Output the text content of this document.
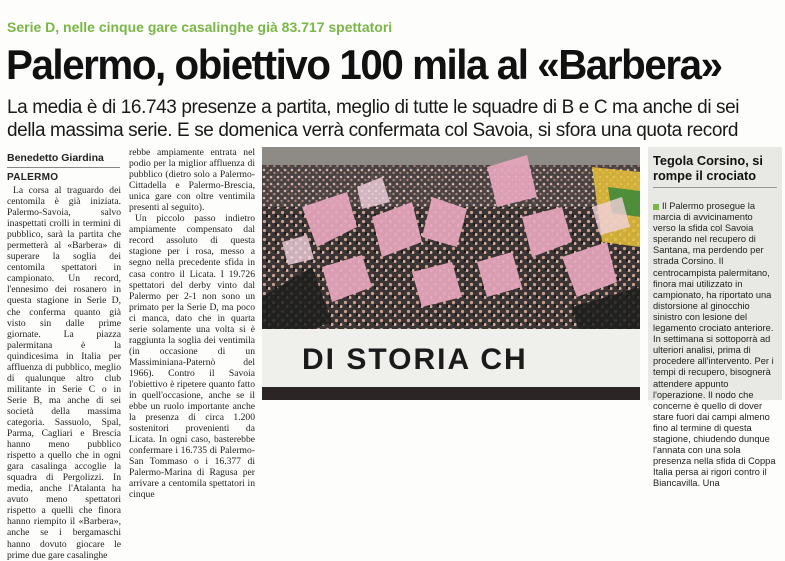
Serie D, nelle cinque gare casalinghe già 83.717 spettatori
Palermo, obiettivo 100 mila al «Barbera»
La media è di 16.743 presenze a partita, meglio di tutte le squadre di B e C ma anche di sei
della massima serie. E se domenica verrà confermata col Savoia, si sfora una quota record
Benedetto Giardina
PALERMO

La corsa al traguardo dei centomila è già iniziata. Palermo-Savoia, salvo inaspettati crolli in termini di pubblico, sarà la partita che permetterà al «Barbera» di superare la soglia dei centomila spettatori in campionato. Un record, l'ennesimo dei rosanero in questa stagione in Serie D, che conferma quanto già visto sin dalle prime giornate. La piazza palermitana è la quindicesima in Italia per affluenza di pubblico, meglio di qualunque altro club militante in Serie C o in Serie B, ma anche di sei società della massima categoria. Sassuolo, Spal, Parma, Cagliari e Brescia hanno meno pubblico rispetto a quello che in ogni gara casalinga accoglie la squadra di Pergolizzi. In media, anche l'Atalanta ha avuto meno spettatori rispetto a quelli che finora hanno riempito il «Barbera», anche se i bergamaschi hanno dovuto giocare le prime due gare casalinghe

rebbe ampiamente entrata nel podio per la miglior affluenza di pubblico (dietro solo a Palermo-Cittadella e Palermo-Brescia, unica gare con oltre ventimila presenti al seguito).

Un piccolo passo indietro ampiamente compensato dal record assoluto di questa stagione per i rosa, messo a segno nella precedente sfida in casa contro il Licata. I 19.726 spettatori del derby vinto dal Palermo per 2-1 non sono un primato per la Serie D, ma poco ci manca, dato che in quarta serie solamente una volta si è raggiunta la soglia dei ventimila (in occasione di un Massiminiana-Paternò del 1966). Contro il Savoia l'obiettivo è ripetere quanto fatto in quell'occasione, anche se il ebbe un ruolo importante anche la presenza di circa 1.200 sostenitori provenienti da Licata. In ogni caso, basterebbe confermare i 16.735 di Palermo-San Tommaso o i 16.377 di Palermo-Marina di Ragusa per arrivare a centomila spettatori in cinque

DI STORIA CH
Tegola Corsino, si rompe il crociato
Il Palermo prosegue la marcia di avvicinamento verso la sfida col Savoia sperando nel recupero di Santana, ma perdendo per strada Corsino. Il centrocampista palermitano, finora mai utilizzato in campionato, ha riportato una distorsione al ginocchio sinistro con lesione del legamento crociato anteriore. In settimana si sottoporrà ad ulteriori analisi, prima di procedere all'intervento. Per i tempi di recupero, bisognerà attendere appunto l'operazione. Il nodo che concerne è quello di dover stare fuori dai campi almeno fino al termine di questa stagione, chiudendo dunque l'annata con una sola presenza nella sfida di Coppa Italia persa ai rigori contro il Biancavilla. Una
